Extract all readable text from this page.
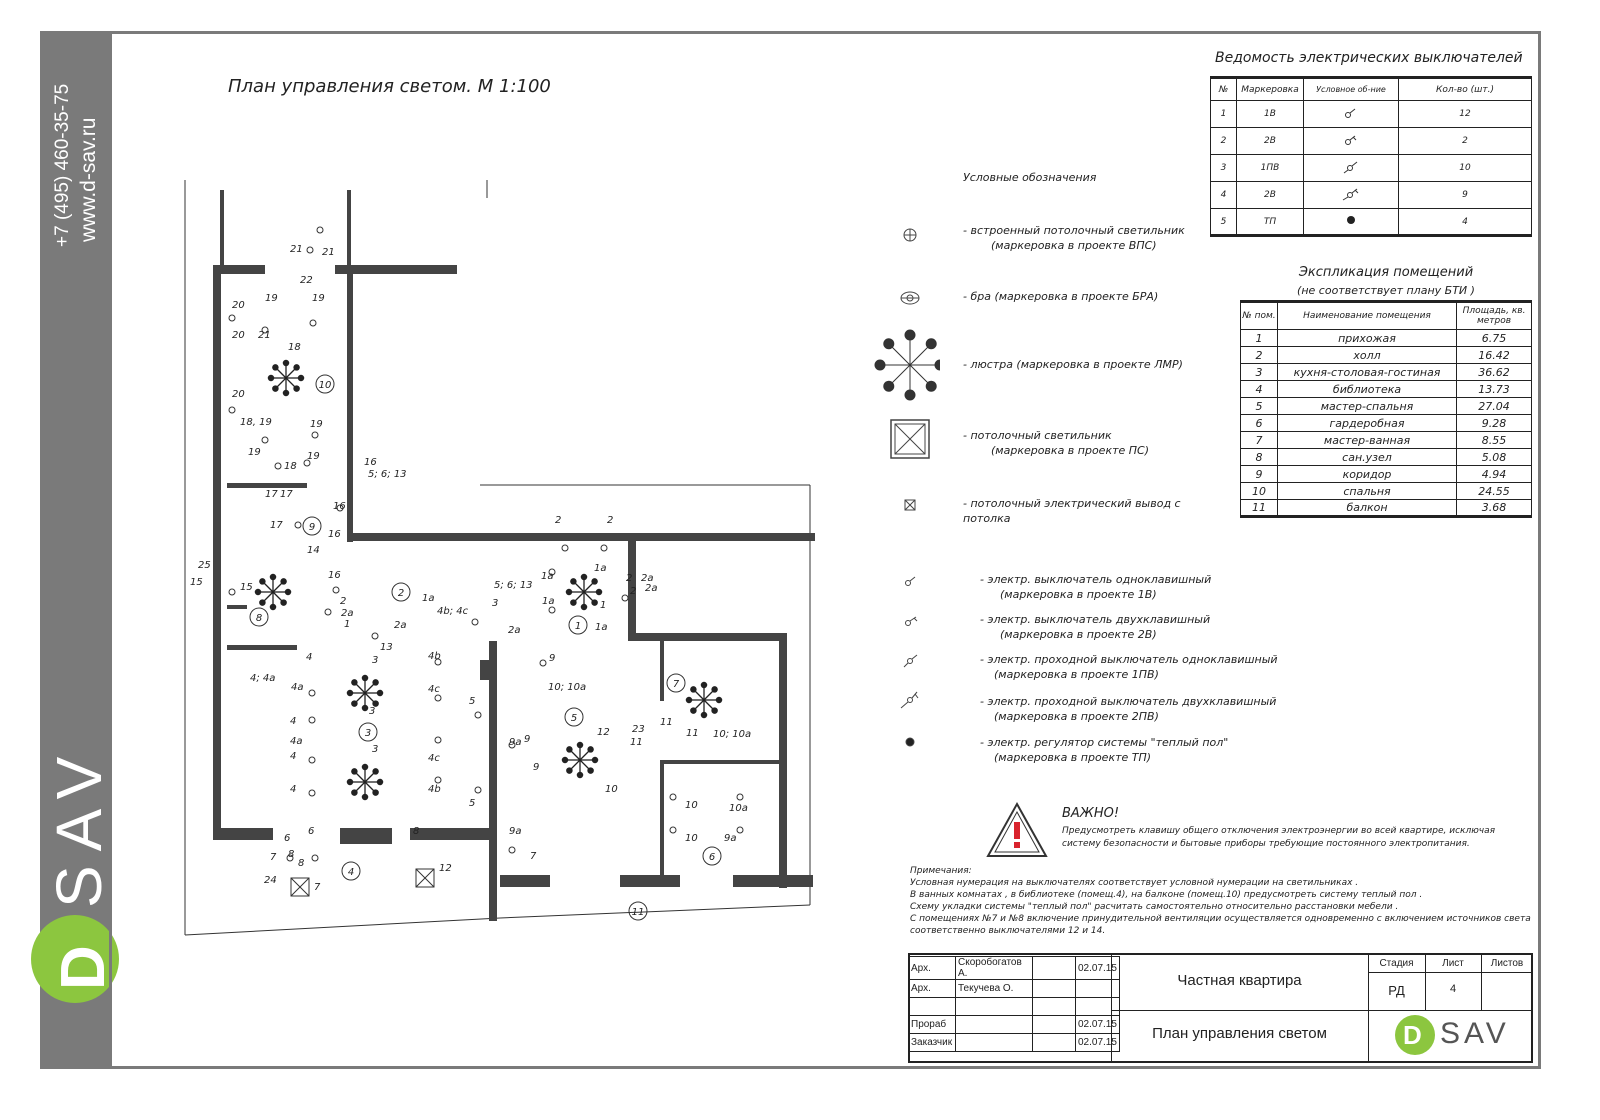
+7 (495) 460-35-75 www.d-sav.ru
SAV
D
План управления светом. М 1:100
1
2
3
4
5
6
7
8
9
10
11
21 21
22
20
19	19
20 21
18
20
18, 19	19
19
18
19
16
5; 6; 13
17 17
17
16
16
14
25
15	15
16
2
2a
1
1a
4b; 4c
3
2a
5; 6; 13
2a
1a
2	2
1a
2 2a
1a
2 2a
1
1a
13
4
4; 4a
4a
3	4b
4c
4
3
4
4a
3
4c
4b
4
5
5
9
10; 10a
9a 9
9
12 23
11
11
11 10; 10a
10
10	10a
10	9a
9a
7
6
6	8
24
8
7
7
8
12
Ведомость электрических выключателей
№	Маркеровка	Условное об-ние	Кол-во (шт.)
1	1В		12
2	2В		2
3	1ПВ		10
4	2В		9
5	ТП		4
Экспликация помещений
(не соответствует плану БТИ )
№ пом.	Наименование помещения	Площадь, кв. метров
1	прихожая	6.75
2	холл	16.42
3	кухня-столовая-гостиная	36.62
4	библиотека	13.73
5	мастер-спальня	27.04
6	гардеробная	9.28
7	мастер-ванная	8.55
8	сан.узел	5.08
9	коридор	4.94
10	спальня	24.55
11	балкон	3.68
Условные обозначения
- встроенный потолочный светильник
(маркеровка в проекте ВПС)
- бра (маркеровка в проекте БРА)
- люстра (маркеровка в проекте ЛМР)
- потолочный светильник
(маркеровка в проекте ПС)
- потолочный электрический вывод с
потолка
- электр. выключатель одноклавишный
(маркеровка в проекте 1В)
- электр. выключатель двухклавишный
(маркеровка в проекте 2В)
- электр. проходной выключатель одноклавишный
(маркеровка в проекте 1ПВ)
- электр. проходной выключатель двухклавишный
(маркеровка в проекте 2ПВ)
- электр. регулятор системы "теплый пол"
(маркеровка в проекте ТП)
ВАЖНО!
Предусмотреть клавишу общего отключения электроэнергии во всей квартире, исключая
систему безопасности и бытовые приборы требующие постоянного электропитания.
Примечания:
Условная нумерация на выключателях соответствует условной нумерации на светильниках .
В ванных комнатах , в библиотеке (помещ.4), на балконе (помещ.10) предусмотреть систему теплый пол .
Схему укладки системы "теплый пол" расчитать самостоятельно относительно расстановки мебели .
С помещениях №7 и №8 включение принудительной вентиляции осуществляется одновременно с включением источников света
соответственно выключателями 12 и 14.
Арх.	Скоробогатов А.		02.07.15
Арх.	Текучева О.		

Прораб			02.07.15
Заказчик			02.07.15
Частная квартира
План управления светом
Стадия	Лист	Листов
РД	4
D SAV
